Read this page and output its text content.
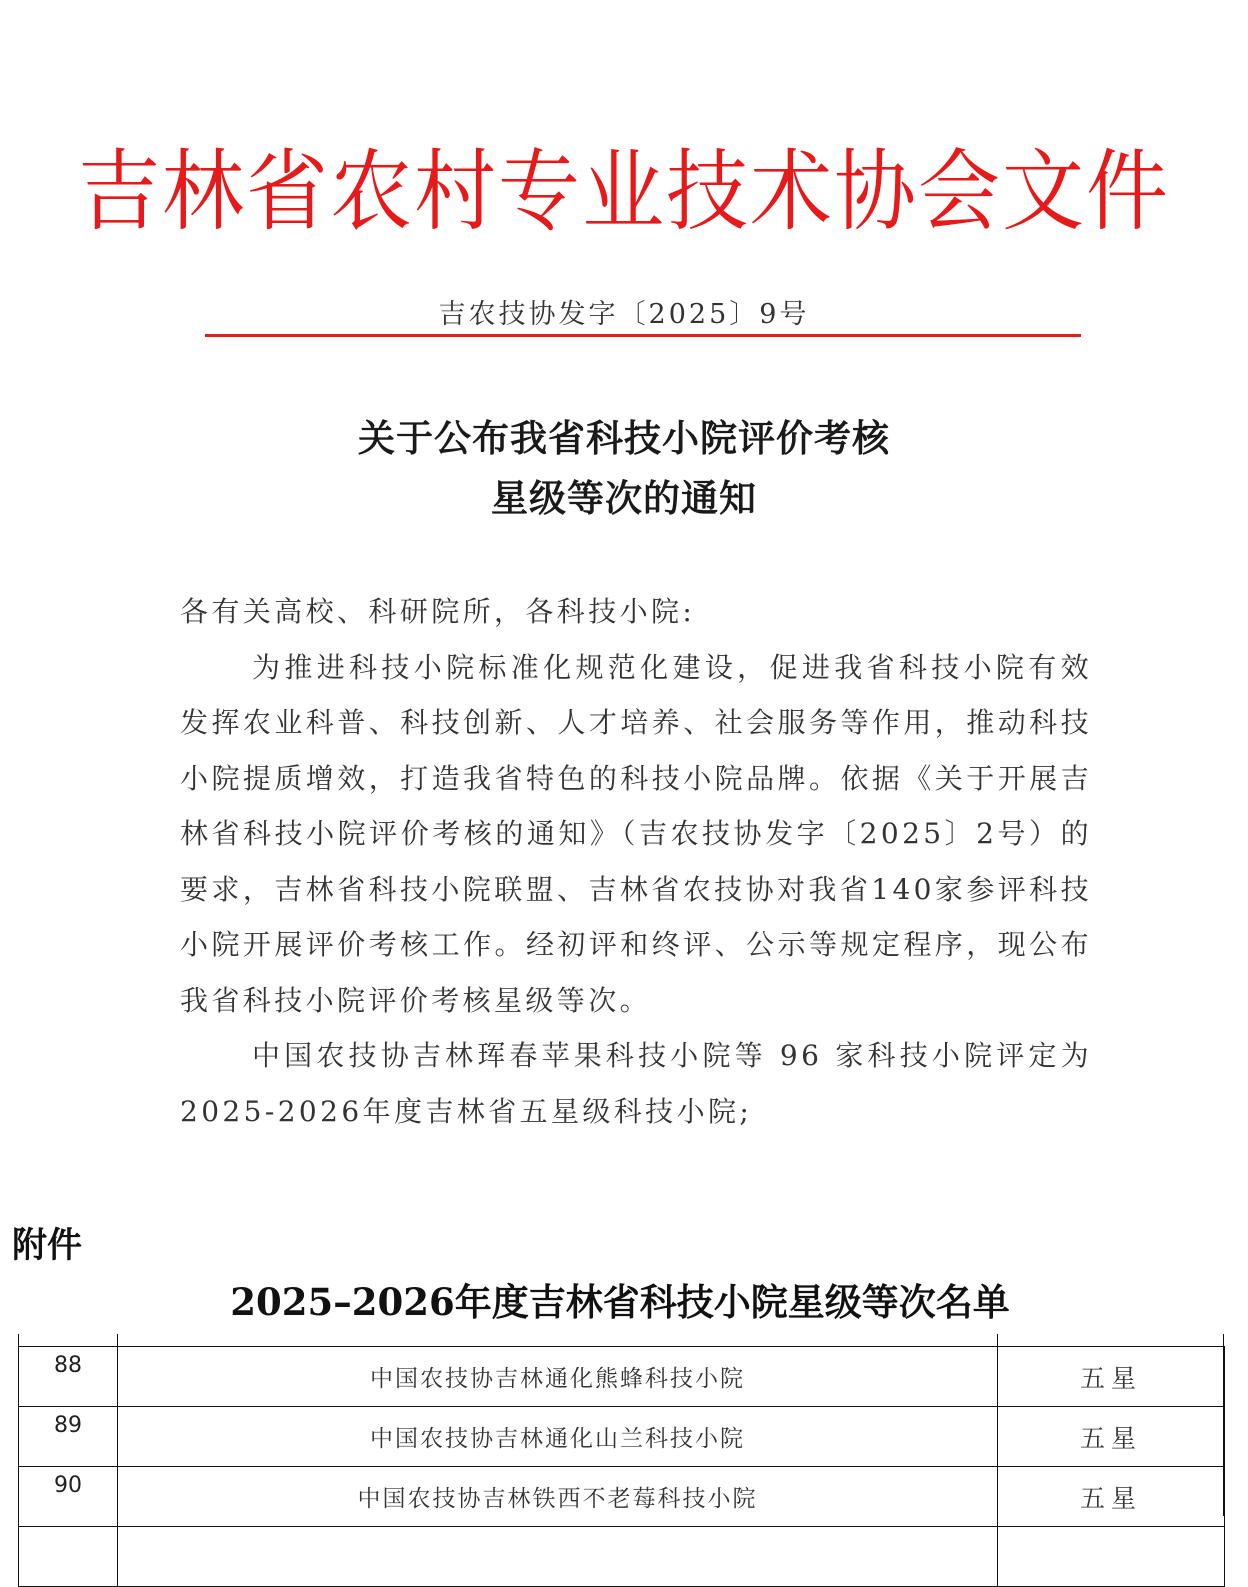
吉林省农村专业技术协会文件
吉农技协发字〔2025〕9号
关于公布我省科技小院评价考核
星级等次的通知

各有关高校、科研院所，各科技小院:

为推进科技小院标准化规范化建设，促进我省科技小院有效发挥农业科普、科技创新、人才培养、社会服务等作用，推动科技小院提质增效，打造我省特色的科技小院品牌。依据《关于开展吉林省科技小院评价考核的通知》（吉农技协发字〔2025〕2号）的要求，吉林省科技小院联盟、吉林省农技协对我省140家参评科技小院开展评价考核工作。经初评和终评、公示等规定程序，现公布我省科技小院评价考核星级等次。

中国农技协吉林珲春苹果科技小院等 96 家科技小院评定为2025-2026年度吉林省五星级科技小院;

附件
2025–2026年度吉林省科技小院星级等次名单
88	中国农技协吉林通化熊蜂科技小院	五星
89	中国农技协吉林通化山兰科技小院	五星
90	中国农技协吉林铁西不老莓科技小院	五星
